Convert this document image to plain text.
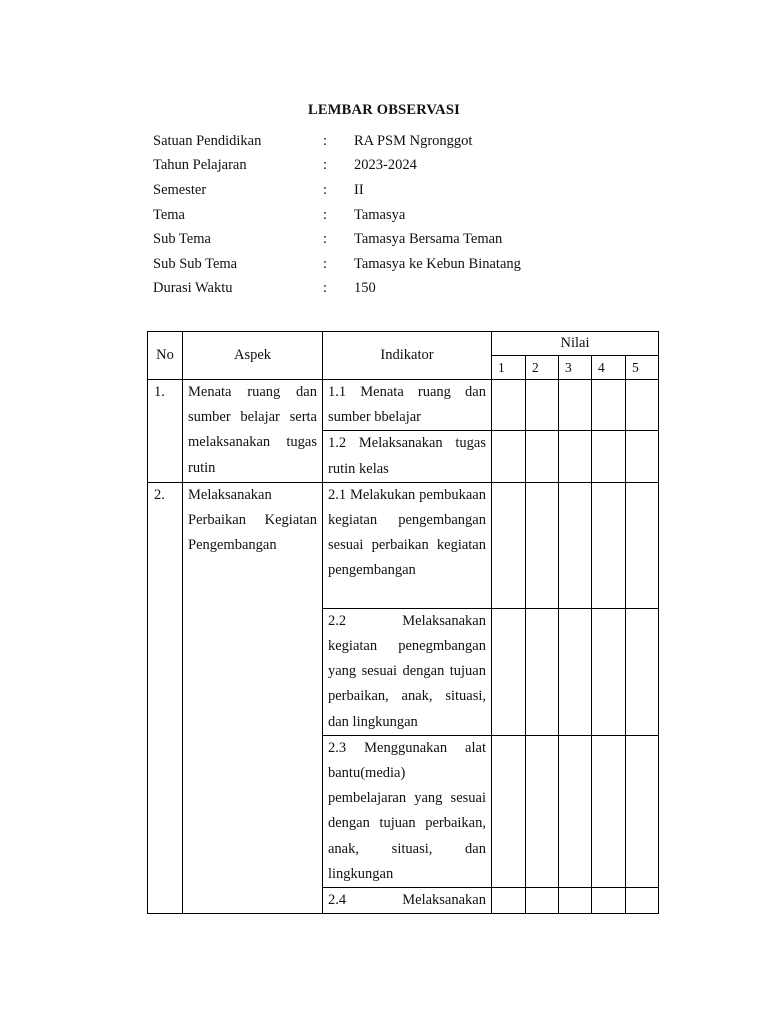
LEMBAR OBSERVASI
Satuan Pendidikan	:	RA PSM Ngronggot
Tahun Pelajaran	:	2023-2024
Semester	:	II
Tema	:	Tamasya
Sub Tema	:	Tamasya Bersama Teman
Sub Sub Tema	:	Tamasya ke Kebun Binatang
Durasi Waktu	:	150
No	Aspek	Indikator	Nilai				
			1	2	3	4	5

1.	Menata ruang dan sumber belajar serta melaksanakan tugas rutin	1.1 Menata ruang dan sumber bbelajar					

		1.2 Melaksanakan tugas rutin kelas					

2.	Melaksanakan Perbaikan Kegiatan Pengembangan	2.1 Melakukan pembukaan kegiatan pengembangan sesuai perbaikan kegiatan pengembangan					

		2.2 Melaksanakan kegiatan penegmbangan yang sesuai dengan tujuan perbaikan, anak, situasi, dan lingkungan					

		2.3 Menggunakan alat bantu(media) pembelajaran yang sesuai dengan tujuan perbaikan, anak, situasi, dan lingkungan					

		2.4 Melaksanakan					
